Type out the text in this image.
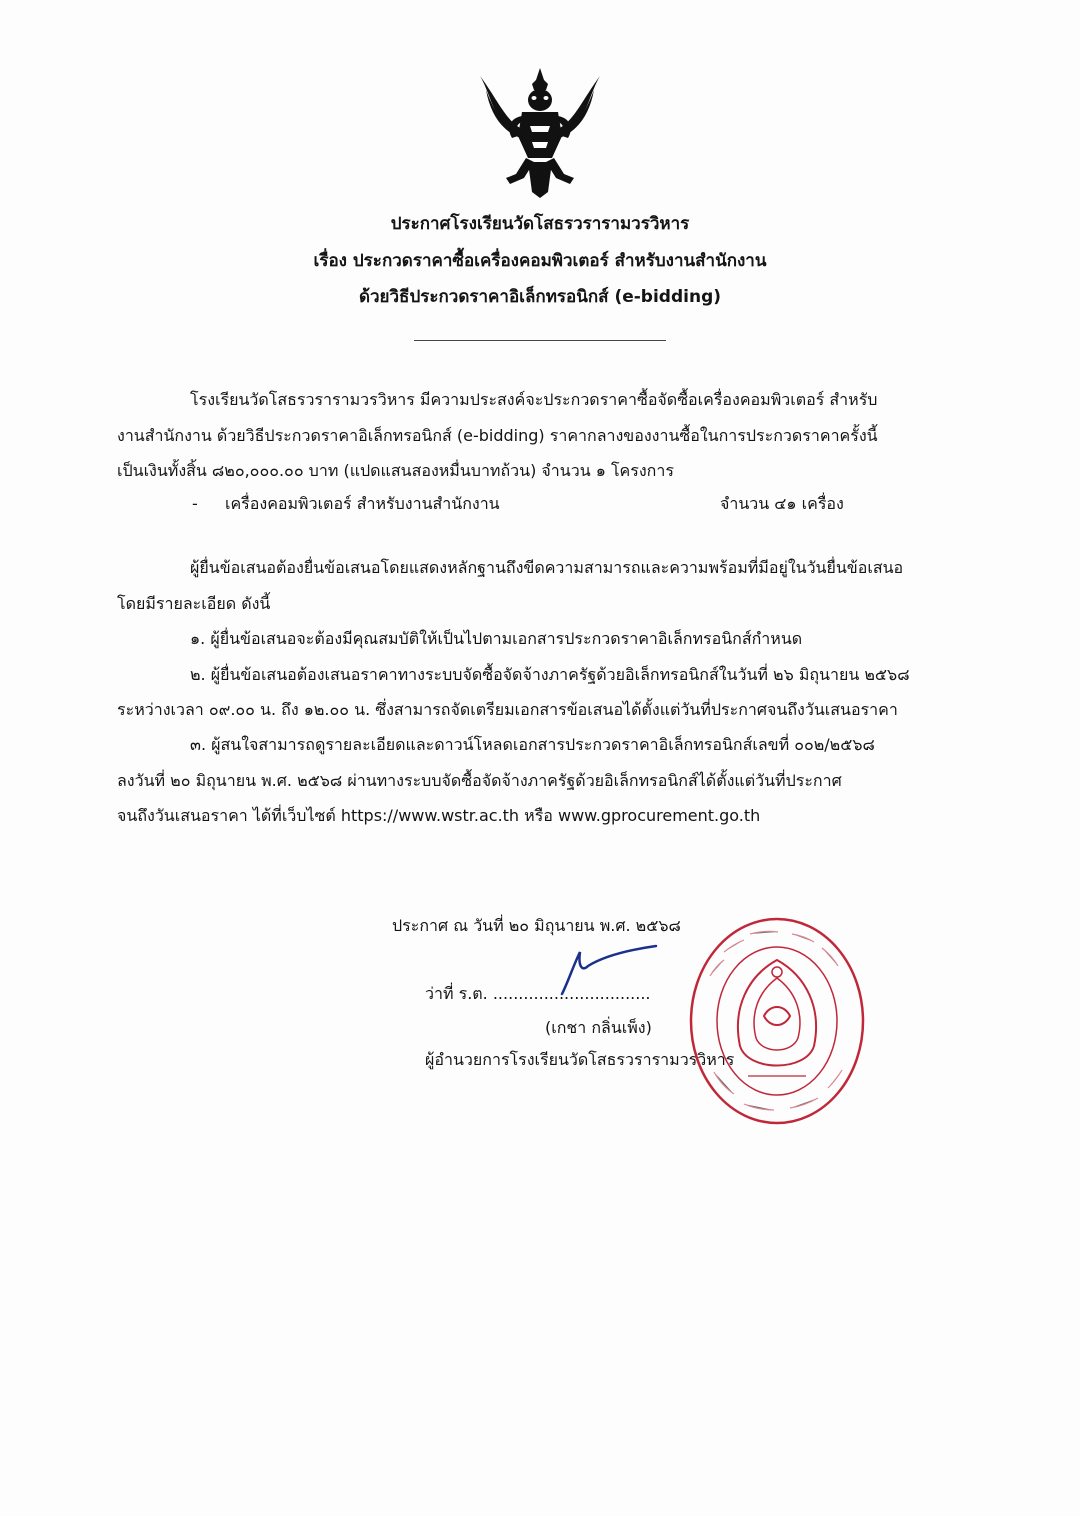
ประกาศโรงเรียนวัดโสธรวรารามวรวิหาร
เรื่อง ประกวดราคาซื้อเครื่องคอมพิวเตอร์ สำหรับงานสำนักงาน
ด้วยวิธีประกวดราคาอิเล็กทรอนิกส์ (e-bidding)
โรงเรียนวัดโสธรวรารามวรวิหาร มีความประสงค์จะประกวดราคาซื้อจัดซื้อเครื่องคอมพิวเตอร์ สำหรับ
งานสำนักงาน ด้วยวิธีประกวดราคาอิเล็กทรอนิกส์ (e-bidding) ราคากลางของงานซื้อในการประกวดราคาครั้งนี้
เป็นเงินทั้งสิ้น ๘๒๐,๐๐๐.๐๐ บาท (แปดแสนสองหมื่นบาทถ้วน) จำนวน ๑ โครงการ
- เครื่องคอมพิวเตอร์ สำหรับงานสำนักงาน	จำนวน ๔๑ เครื่อง
ผู้ยื่นข้อเสนอต้องยื่นข้อเสนอโดยแสดงหลักฐานถึงขีดความสามารถและความพร้อมที่มีอยู่ในวันยื่นข้อเสนอ
โดยมีรายละเอียด ดังนี้
๑. ผู้ยื่นข้อเสนอจะต้องมีคุณสมบัติให้เป็นไปตามเอกสารประกวดราคาอิเล็กทรอนิกส์กำหนด
๒. ผู้ยื่นข้อเสนอต้องเสนอราคาทางระบบจัดซื้อจัดจ้างภาครัฐด้วยอิเล็กทรอนิกส์ในวันที่ ๒๖ มิถุนายน ๒๕๖๘
ระหว่างเวลา ๐๙.๐๐ น. ถึง ๑๒.๐๐ น. ซึ่งสามารถจัดเตรียมเอกสารข้อเสนอได้ตั้งแต่วันที่ประกาศจนถึงวันเสนอราคา
๓. ผู้สนใจสามารถดูรายละเอียดและดาวน์โหลดเอกสารประกวดราคาอิเล็กทรอนิกส์เลขที่ ๐๐๒/๒๕๖๘
ลงวันที่ ๒๐ มิถุนายน พ.ศ. ๒๕๖๘ ผ่านทางระบบจัดซื้อจัดจ้างภาครัฐด้วยอิเล็กทรอนิกส์ได้ตั้งแต่วันที่ประกาศ
จนถึงวันเสนอราคา ได้ที่เว็บไซต์ https://www.wstr.ac.th หรือ www.gprocurement.go.th
ประกาศ ณ วันที่ ๒๐ มิถุนายน พ.ศ. ๒๕๖๘
ว่าที่ ร.ต. ...............................
(เกชา กลิ่นเพ็ง)
ผู้อำนวยการโรงเรียนวัดโสธรวรารามวรวิหาร
